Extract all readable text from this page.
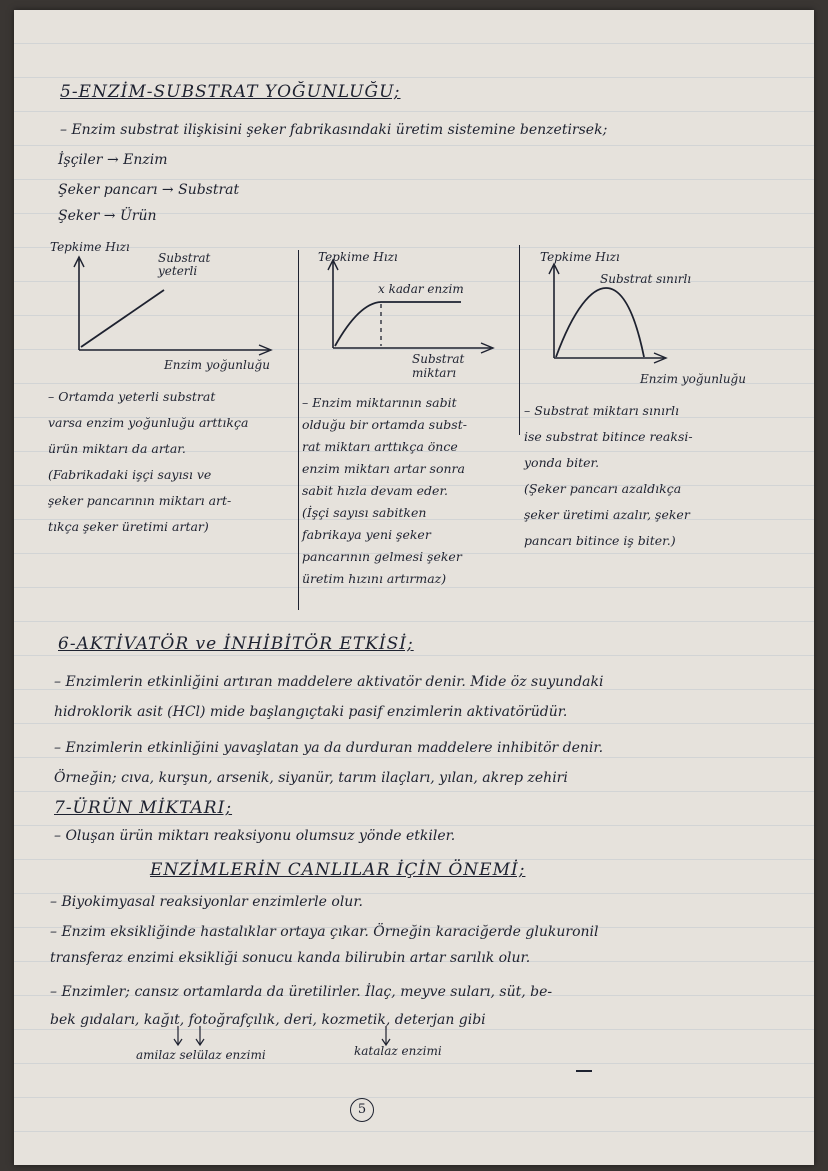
5-ENZİM-SUBSTRAT YOĞUNLUĞU;
– Enzim substrat ilişkisini şeker fabrikasındaki üretim sistemine benzetirsek;
İşçiler → Enzim
Şeker pancarı → Substrat
Şeker → Ürün
Tepkime Hızı
Substrat yeterli
Enzim yoğunluğu
Tepkime Hızı
x kadar enzim
Substrat miktarı
Tepkime Hızı
Substrat sınırlı
Enzim yoğunluğu
– Ortamda yeterli substrat
varsa enzim yoğunluğu arttıkça
ürün miktarı da artar.
(Fabrikadaki işçi sayısı ve
şeker pancarının miktarı art-
tıkça şeker üretimi artar)
– Enzim miktarının sabit
olduğu bir ortamda subst-
rat miktarı arttıkça önce
enzim miktarı artar sonra
sabit hızla devam eder.
(İşçi sayısı sabitken
fabrikaya yeni şeker
pancarının gelmesi şeker
üretim hızını artırmaz)
– Substrat miktarı sınırlı
ise substrat bitince reaksi-
yonda biter.
(Şeker pancarı azaldıkça
şeker üretimi azalır, şeker
pancarı bitince iş biter.)
6-AKTİVATÖR ve İNHİBİTÖR ETKİSİ;
– Enzimlerin etkinliğini artıran maddelere aktivatör denir. Mide öz suyundaki
hidroklorik asit (HCl) mide başlangıçtaki pasif enzimlerin aktivatörüdür.
– Enzimlerin etkinliğini yavaşlatan ya da durduran maddelere inhibitör denir.
Örneğin; cıva, kurşun, arsenik, siyanür, tarım ilaçları, yılan, akrep zehiri
7-ÜRÜN MİKTARI;
– Oluşan ürün miktarı reaksiyonu olumsuz yönde etkiler.
ENZİMLERİN CANLILAR İÇİN ÖNEMİ;
– Biyokimyasal reaksiyonlar enzimlerle olur.
– Enzim eksikliğinde hastalıklar ortaya çıkar. Örneğin karaciğerde glukuronil
transferaz enzimi eksikliği sonucu kanda bilirubin artar sarılık olur.
– Enzimler; cansız ortamlarda da üretilirler. İlaç, meyve suları, süt, be-
bek gıdaları, kağıt, fotoğrafçılık, deri, kozmetik, deterjan gibi
amilaz selülaz enzimi	katalaz enzimi
5
